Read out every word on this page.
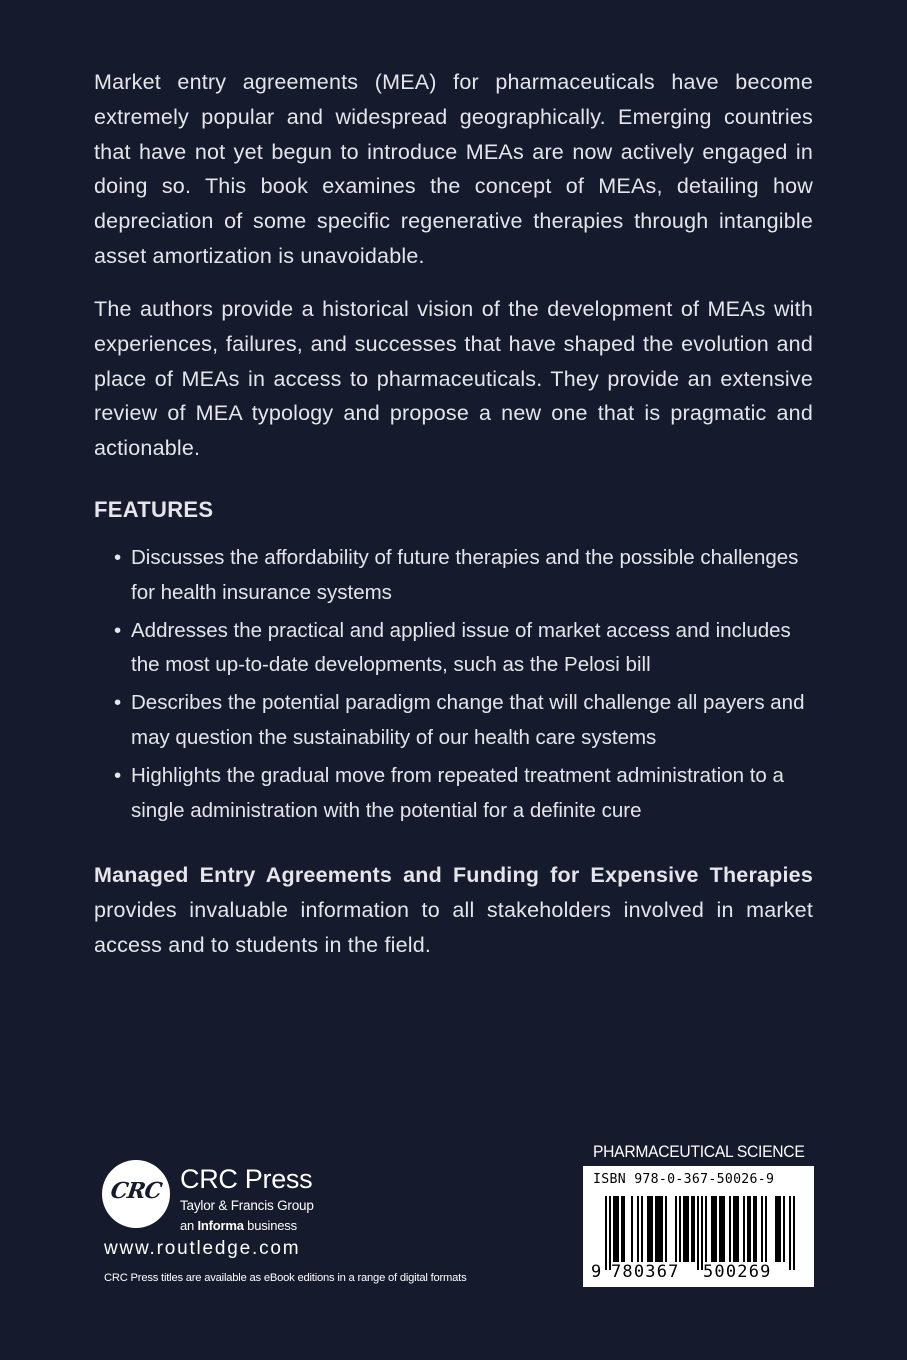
Market entry agreements (MEA) for pharmaceuticals have become extremely popular and widespread geographically. Emerging countries that have not yet begun to introduce MEAs are now actively engaged in doing so. This book examines the concept of MEAs, detailing how depreciation of some specific regenerative therapies through intangible asset amortization is unavoidable.

The authors provide a historical vision of the development of MEAs with experiences, failures, and successes that have shaped the evolution and place of MEAs in access to pharmaceuticals. They provide an extensive review of MEA typology and propose a new one that is pragmatic and actionable.

FEATURES
• Discusses the affordability of future therapies and the possible challenges for health insurance systems
• Addresses the practical and applied issue of market access and includes the most up-to-date developments, such as the Pelosi bill
• Describes the potential paradigm change that will challenge all payers and may question the sustainability of our health care systems
• Highlights the gradual move from repeated treatment administration to a single administration with the potential for a definite cure

Managed Entry Agreements and Funding for Expensive Therapies provides invaluable information to all stakeholders involved in market access and to students in the field.

CRC CRC Press

Taylor & Francis Group

an Informa business

www.routledge.com

CRC Press titles are available as eBook editions in a range of digital formats

PHARMACEUTICAL SCIENCE

ISBN 978-0-367-50026-9

9 780367 500269
